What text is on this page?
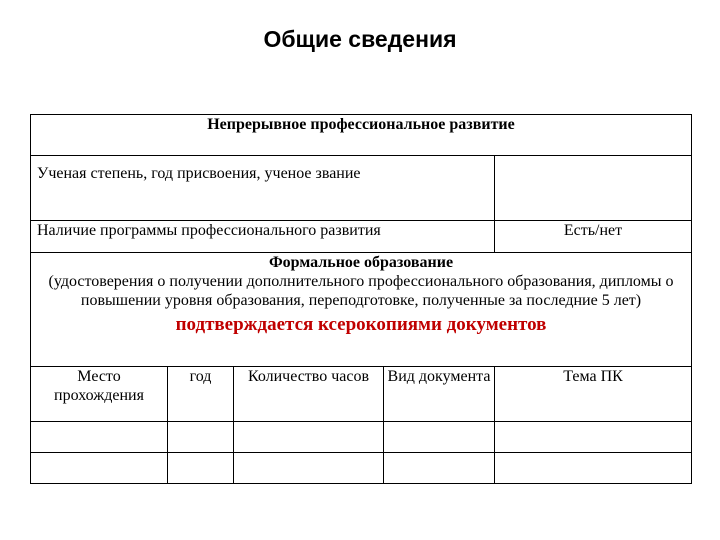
Общие сведения
Непрерывное профессиональное развитие				
Ученая степень, год присвоения, ученое звание				
Наличие программы профессионального развития				Есть/нет

Формальное образование
(удостоверения о получении дополнительного профессионального образования, дипломы о повышении уровня образования, переподготовке, полученные за последние 5 лет)
подтверждается ксерокопиями документов				

Место прохождения	год	Количество часов	Вид документа	Тема ПК
